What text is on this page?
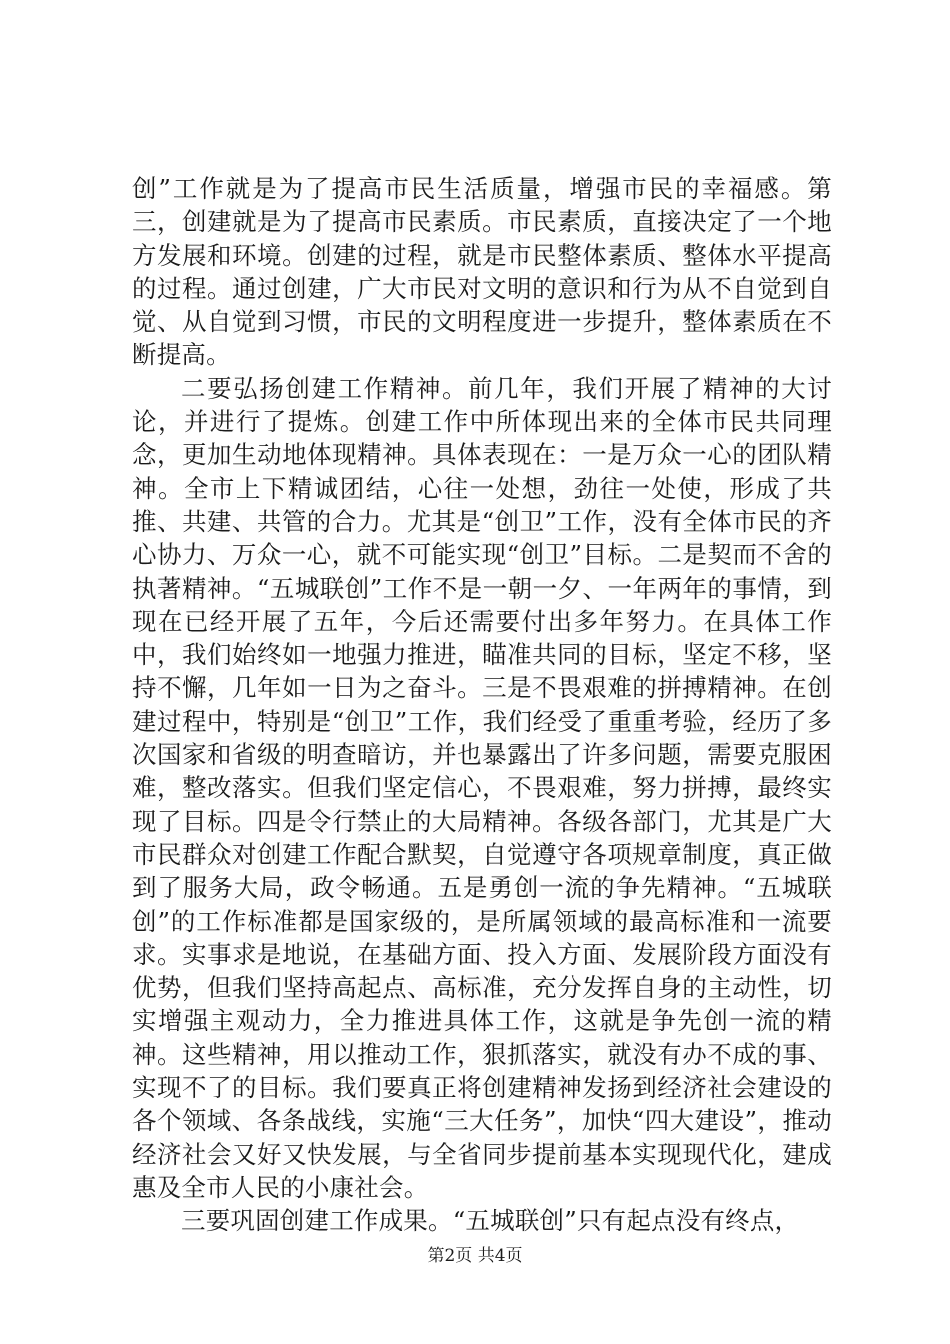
创”工作就是为了提高市民生活质量，增强市民的幸福感。第三，创建就是为了提高市民素质。市民素质，直接决定了一个地方发展和环境。创建的过程，就是市民整体素质、整体水平提高的过程。通过创建，广大市民对文明的意识和行为从不自觉到自觉、从自觉到习惯，市民的文明程度进一步提升，整体素质在不断提高。

二要弘扬创建工作精神。前几年，我们开展了精神的大讨论，并进行了提炼。创建工作中所体现出来的全体市民共同理念，更加生动地体现精神。具体表现在：一是万众一心的团队精神。全市上下精诚团结，心往一处想，劲往一处使，形成了共推、共建、共管的合力。尤其是“创卫”工作，没有全体市民的齐心协力、万众一心，就不可能实现“创卫”目标。二是契而不舍的执著精神。“五城联创”工作不是一朝一夕、一年两年的事情，到现在已经开展了五年，今后还需要付出多年努力。在具体工作中，我们始终如一地强力推进，瞄准共同的目标，坚定不移，坚持不懈，几年如一日为之奋斗。三是不畏艰难的拼搏精神。在创建过程中，特别是“创卫”工作，我们经受了重重考验，经历了多次国家和省级的明查暗访，并也暴露出了许多问题，需要克服困难，整改落实。但我们坚定信心，不畏艰难，努力拼搏，最终实现了目标。四是令行禁止的大局精神。各级各部门，尤其是广大市民群众对创建工作配合默契，自觉遵守各项规章制度，真正做到了服务大局，政令畅通。五是勇创一流的争先精神。“五城联创”的工作标准都是国家级的，是所属领域的最高标准和一流要求。实事求是地说，在基础方面、投入方面、发展阶段方面没有优势，但我们坚持高起点、高标准，充分发挥自身的主动性，切实增强主观动力，全力推进具体工作，这就是争先创一流的精神。这些精神，用以推动工作，狠抓落实，就没有办不成的事、实现不了的目标。我们要真正将创建精神发扬到经济社会建设的各个领域、各条战线，实施“三大任务”，加快“四大建设”，推动经济社会又好又快发展，与全省同步提前基本实现现代化，建成惠及全市人民的小康社会。

三要巩固创建工作成果。“五城联创”只有起点没有终点，

第2页 共4页
